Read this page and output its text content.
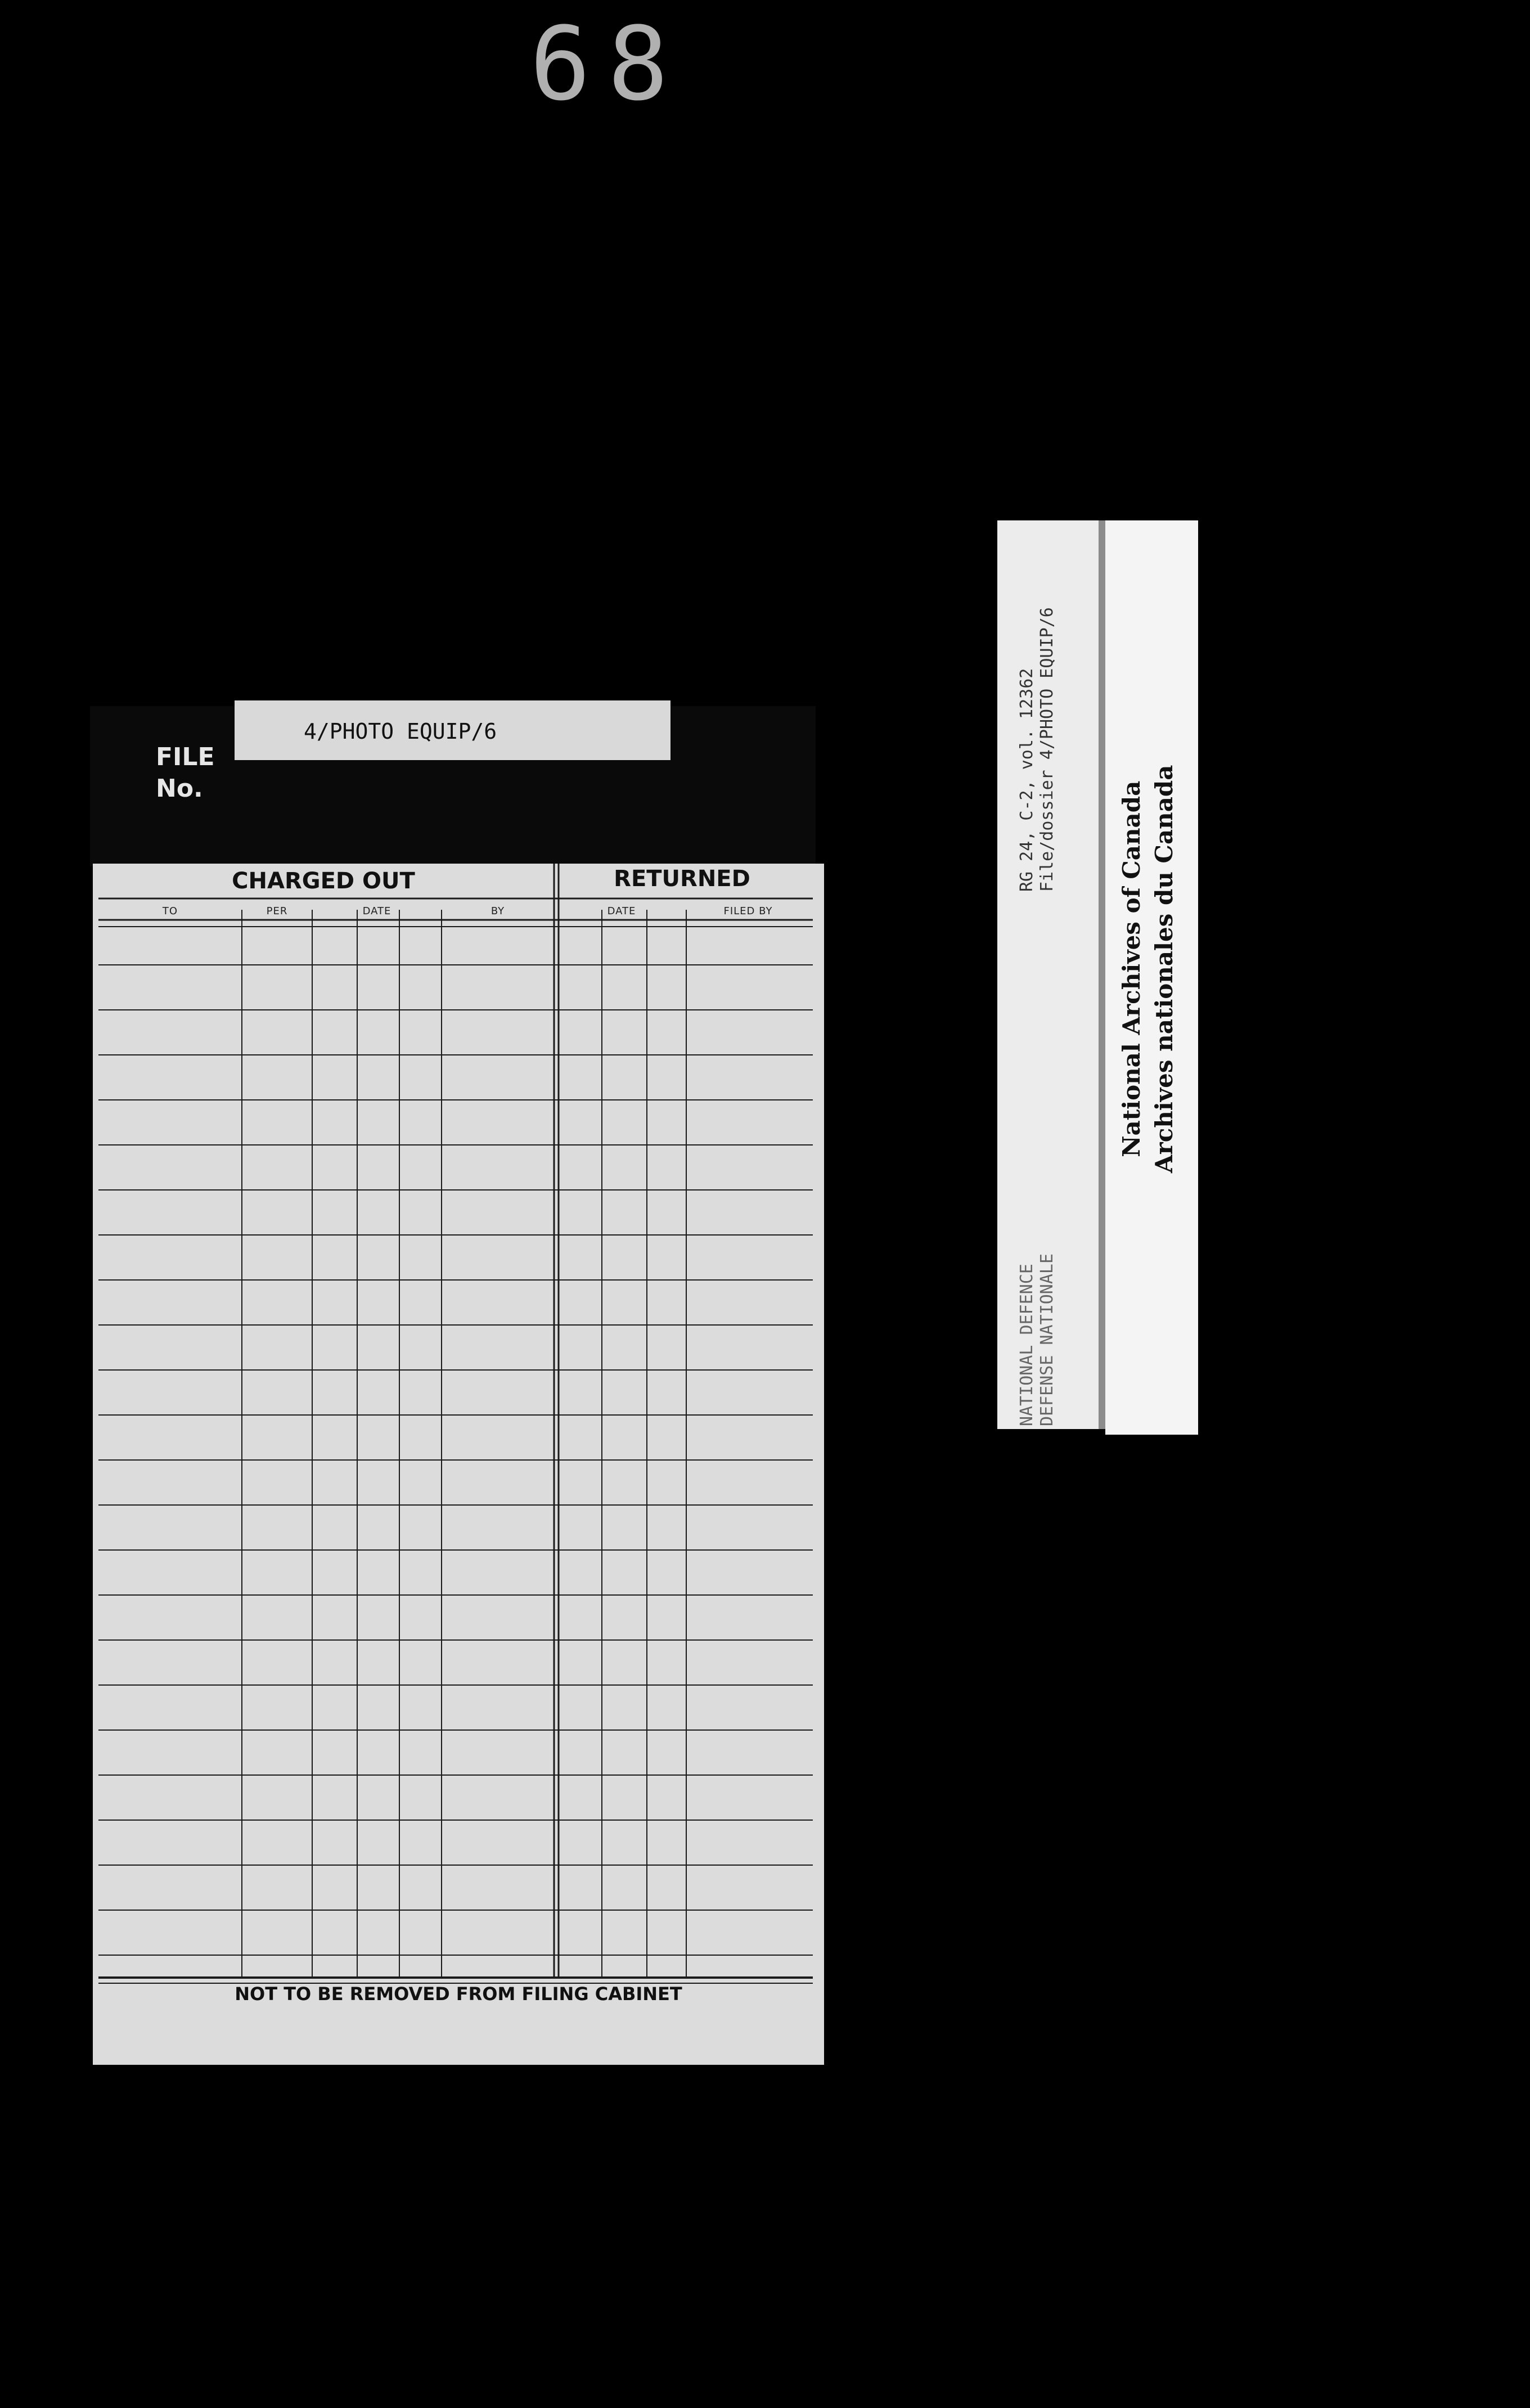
68
FILE
No.
4/PHOTO EQUIP/6
CHARGED OUT	RETURNED
TO	PER	DATE	BY	DATE	FILED BY
NOT TO BE REMOVED FROM FILING CABINET
RG 24, C-2, vol. 12362 File/dossier 4/PHOTO EQUIP/6
NATIONAL DEFENCE DEFENSE NATIONALE
National Archives of Canada Archives nationales du Canada
